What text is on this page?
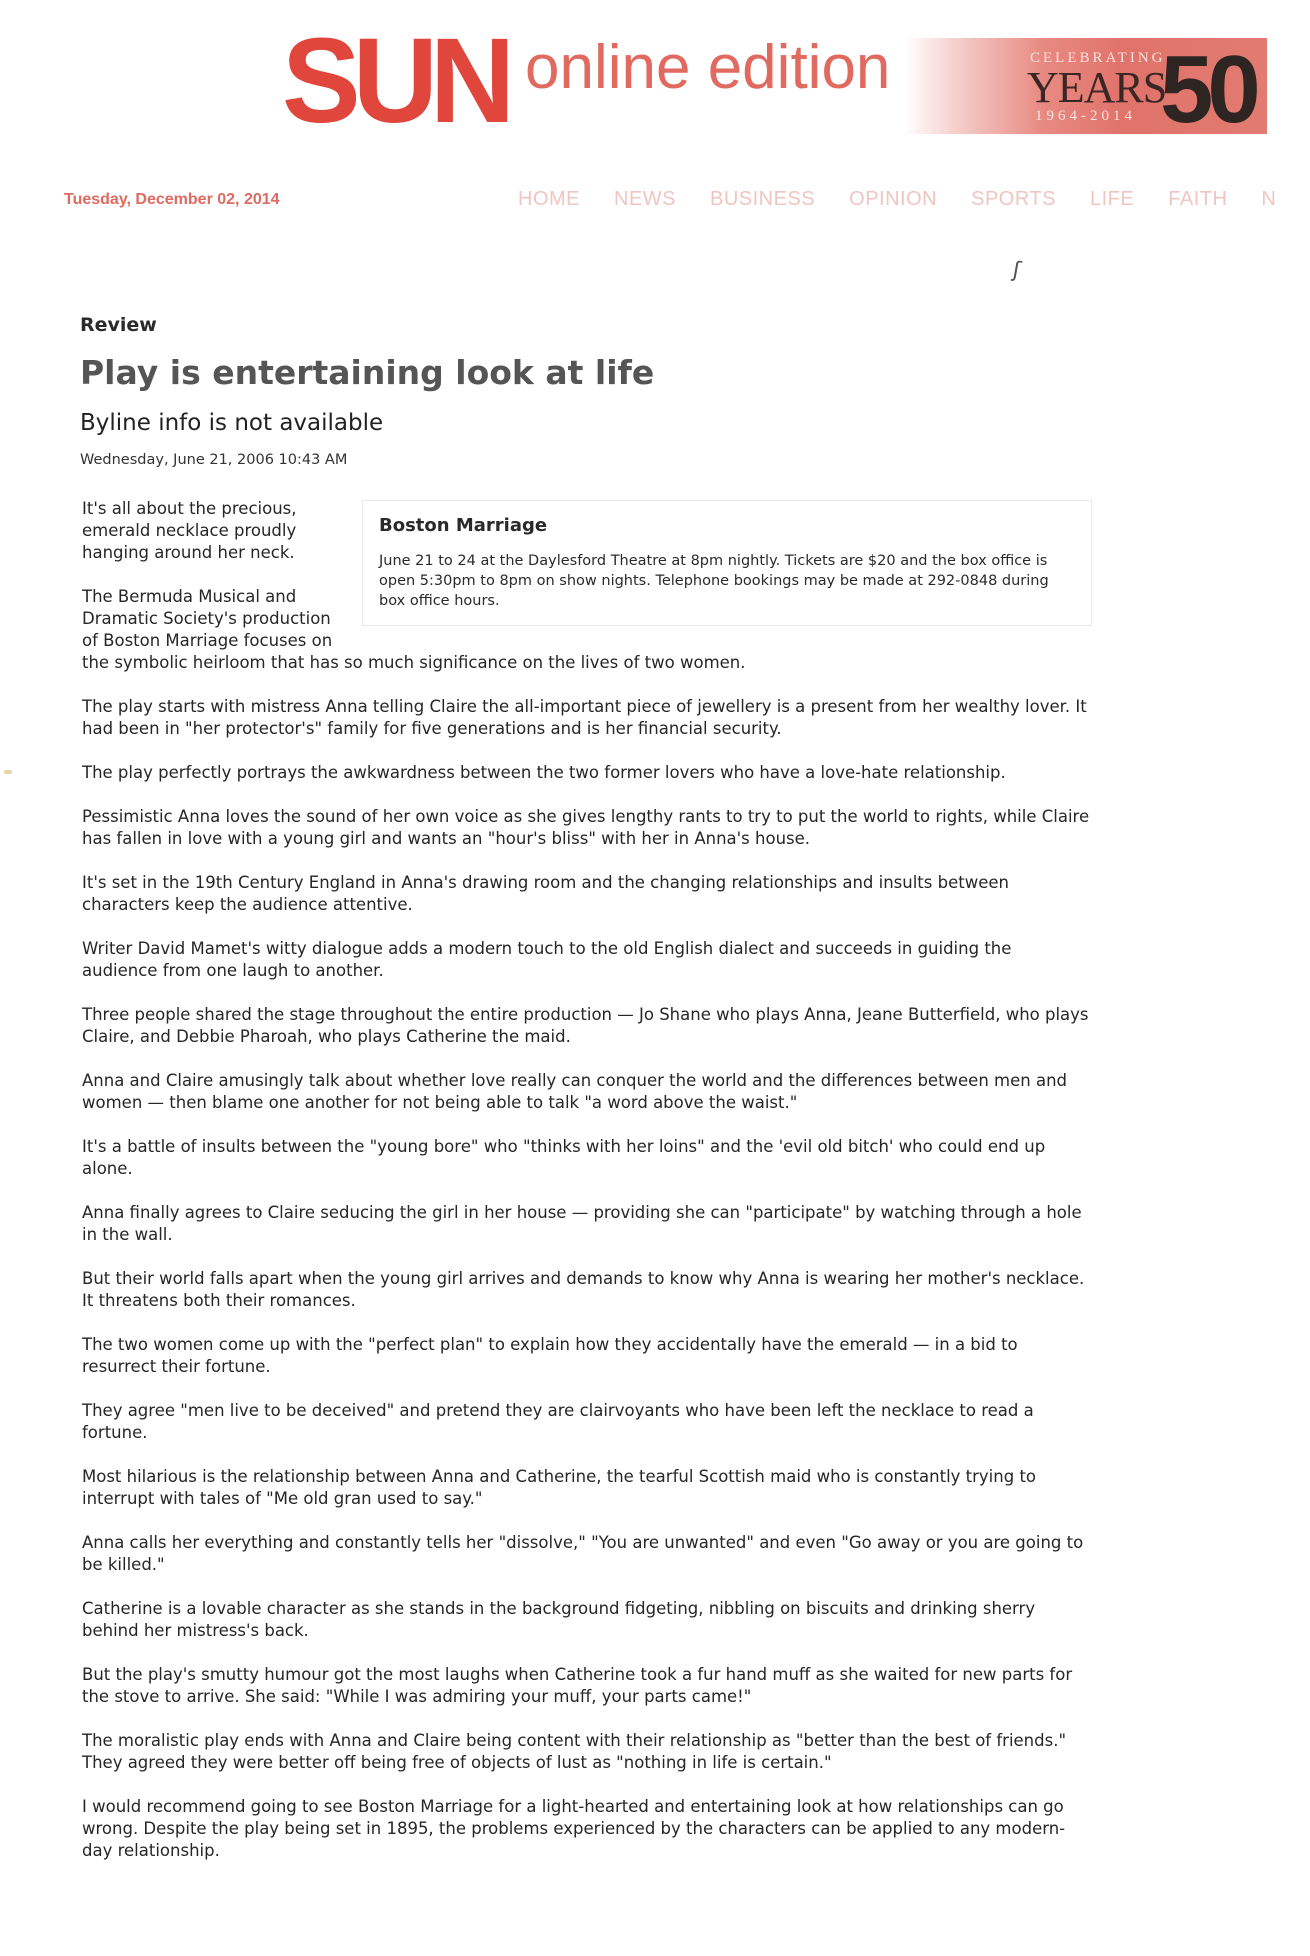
SUN online edition	CELEBRATING
YEARS
1964-2014 50
Tuesday, December 02, 2014	HOME NEWS BUSINESS OPINION SPORTS LIFE FAITH N
ʃ
Review
Play is entertaining look at life
Byline info is not available
Wednesday, June 21, 2006 10:43 AM
Boston Marriage
June 21 to 24 at the Daylesford Theatre at 8pm nightly. Tickets are $20 and the box office is open 5:30pm to 8pm on show nights. Telephone bookings may be made at 292-0848 during box office hours.

It's all about the precious, emerald necklace proudly hanging around her neck.

The Bermuda Musical and Dramatic Society's production of Boston Marriage focuses on the symbolic heirloom that has so much significance on the lives of two women.

The play starts with mistress Anna telling Claire the all-important piece of jewellery is a present from her wealthy lover. It had been in "her protector's" family for five generations and is her financial security.

The play perfectly portrays the awkwardness between the two former lovers who have a love-hate relationship.

Pessimistic Anna loves the sound of her own voice as she gives lengthy rants to try to put the world to rights, while Claire has fallen in love with a young girl and wants an "hour's bliss" with her in Anna's house.

It's set in the 19th Century England in Anna's drawing room and the changing relationships and insults between characters keep the audience attentive.

Writer David Mamet's witty dialogue adds a modern touch to the old English dialect and succeeds in guiding the audience from one laugh to another.

Three people shared the stage throughout the entire production — Jo Shane who plays Anna, Jeane Butterfield, who plays Claire, and Debbie Pharoah, who plays Catherine the maid.

Anna and Claire amusingly talk about whether love really can conquer the world and the differences between men and women — then blame one another for not being able to talk "a word above the waist."

It's a battle of insults between the "young bore" who "thinks with her loins" and the 'evil old bitch' who could end up alone.

Anna finally agrees to Claire seducing the girl in her house — providing she can "participate" by watching through a hole in the wall.

But their world falls apart when the young girl arrives and demands to know why Anna is wearing her mother's necklace. It threatens both their romances.

The two women come up with the "perfect plan" to explain how they accidentally have the emerald — in a bid to resurrect their fortune.

They agree "men live to be deceived" and pretend they are clairvoyants who have been left the necklace to read a fortune.

Most hilarious is the relationship between Anna and Catherine, the tearful Scottish maid who is constantly trying to interrupt with tales of "Me old gran used to say."

Anna calls her everything and constantly tells her "dissolve," "You are unwanted" and even "Go away or you are going to be killed."

Catherine is a lovable character as she stands in the background fidgeting, nibbling on biscuits and drinking sherry behind her mistress's back.

But the play's smutty humour got the most laughs when Catherine took a fur hand muff as she waited for new parts for the stove to arrive. She said: "While I was admiring your muff, your parts came!"

The moralistic play ends with Anna and Claire being content with their relationship as "better than the best of friends." They agreed they were better off being free of objects of lust as "nothing in life is certain."

I would recommend going to see Boston Marriage for a light-hearted and entertaining look at how relationships can go wrong. Despite the play being set in 1895, the problems experienced by the characters can be applied to any modern-day relationship.
